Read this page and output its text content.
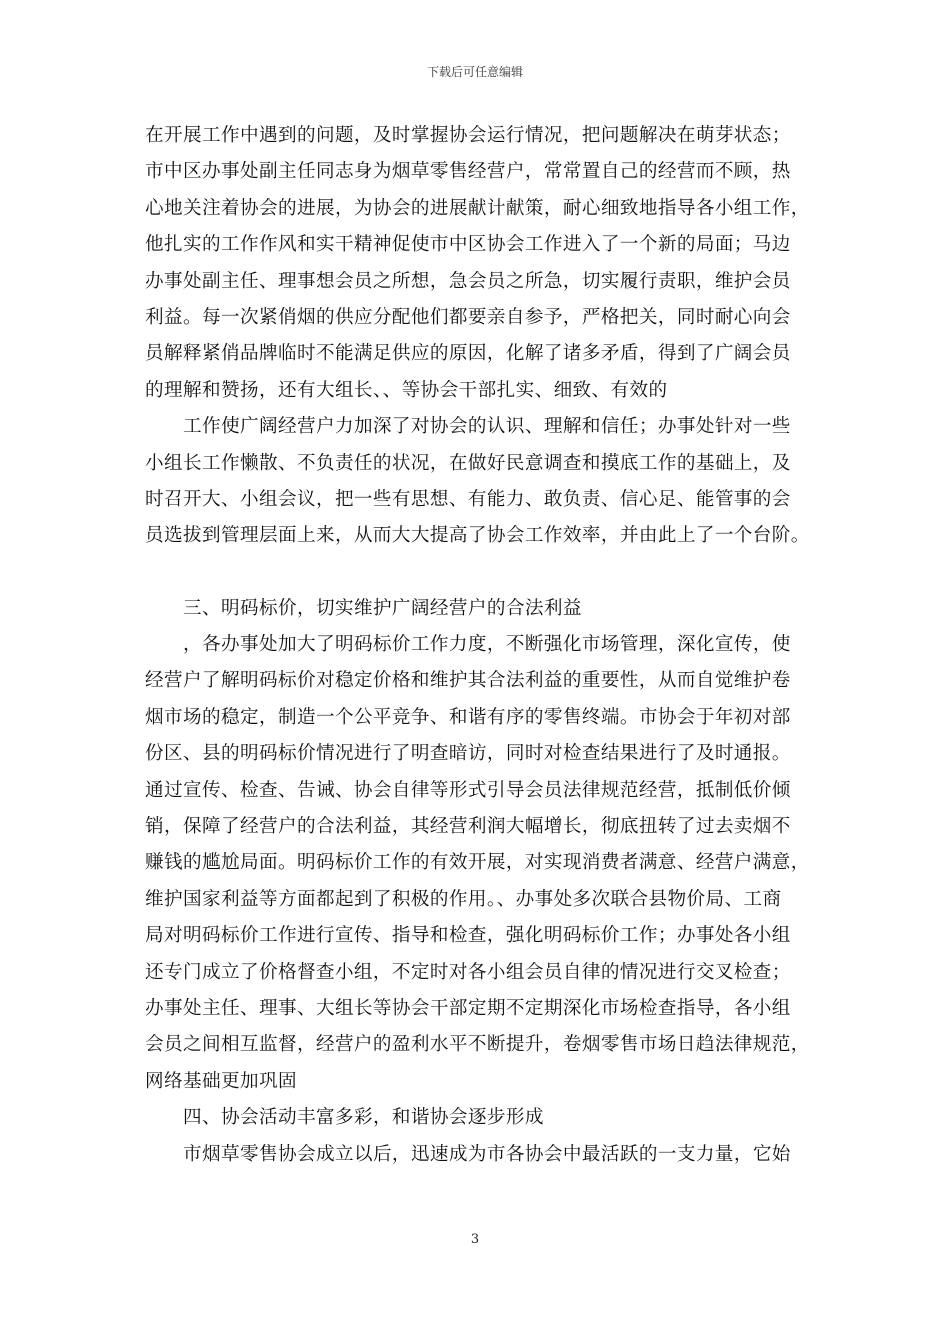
下载后可任意编辑
在开展工作中遇到的问题，及时掌握协会运行情况，把问题解决在萌芽状态；
市中区办事处副主任同志身为烟草零售经营户，常常置自己的经营而不顾，热
心地关注着协会的进展，为协会的进展献计献策，耐心细致地指导各小组工作，
他扎实的工作作风和实干精神促使市中区协会工作进入了一个新的局面；马边
办事处副主任、理事想会员之所想，急会员之所急，切实履行责职，维护会员
利益。每一次紧俏烟的供应分配他们都要亲自参予，严格把关，同时耐心向会
员解释紧俏品牌临时不能满足供应的原因，化解了诸多矛盾，得到了广阔会员
的理解和赞扬，还有大组长、、等协会干部扎实、细致、有效的
工作使广阔经营户力加深了对协会的认识、理解和信任；办事处针对一些
小组长工作懒散、不负责任的状况，在做好民意调查和摸底工作的基础上，及
时召开大、小组会议，把一些有思想、有能力、敢负责、信心足、能管事的会
员选拔到管理层面上来，从而大大提高了协会工作效率，并由此上了一个台阶。
三、明码标价，切实维护广阔经营户的合法利益
，各办事处加大了明码标价工作力度，不断强化市场管理，深化宣传，使
经营户了解明码标价对稳定价格和维护其合法利益的重要性，从而自觉维护卷
烟市场的稳定，制造一个公平竞争、和谐有序的零售终端。市协会于年初对部
份区、县的明码标价情况进行了明查暗访，同时对检查结果进行了及时通报。
通过宣传、检查、告诫、协会自律等形式引导会员法律规范经营，抵制低价倾
销，保障了经营户的合法利益，其经营利润大幅增长，彻底扭转了过去卖烟不
赚钱的尴尬局面。明码标价工作的有效开展，对实现消费者满意、经营户满意，
维护国家利益等方面都起到了积极的作用。、办事处多次联合县物价局、工商
局对明码标价工作进行宣传、指导和检查，强化明码标价工作；办事处各小组
还专门成立了价格督查小组，不定时对各小组会员自律的情况进行交叉检查；
办事处主任、理事、大组长等协会干部定期不定期深化市场检查指导，各小组
会员之间相互监督，经营户的盈利水平不断提升，卷烟零售市场日趋法律规范，
网络基础更加巩固
四、协会活动丰富多彩，和谐协会逐步形成
市烟草零售协会成立以后，迅速成为市各协会中最活跃的一支力量，它始
3
